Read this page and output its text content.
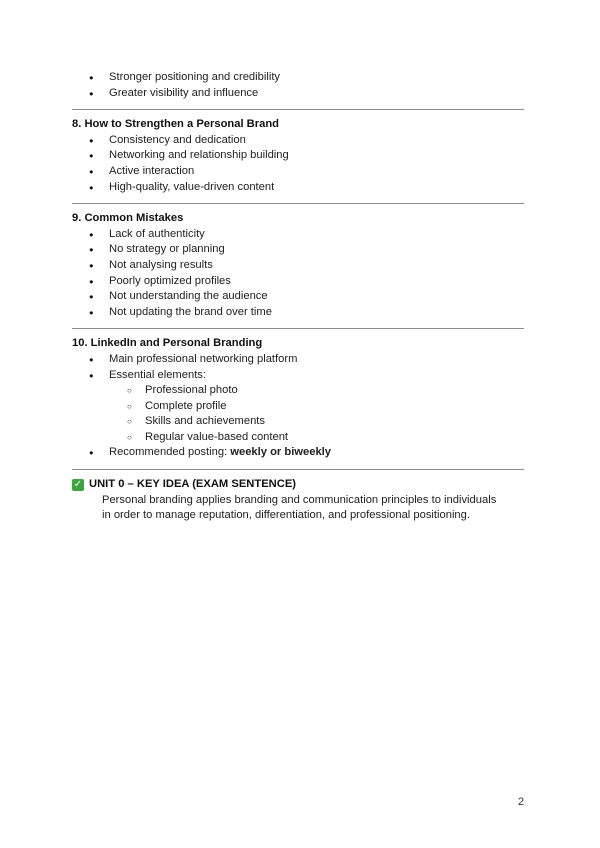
● Stronger positioning and credibility
● Greater visibility and influence
8. How to Strengthen a Personal Brand
● Consistency and dedication
● Networking and relationship building
● Active interaction
● High-quality, value-driven content
9. Common Mistakes
● Lack of authenticity
● No strategy or planning
● Not analysing results
● Poorly optimized profiles
● Not understanding the audience
● Not updating the brand over time
10. LinkedIn and Personal Branding
● Main professional networking platform
● Essential elements:
○ Professional photo
○ Complete profile
○ Skills and achievements
○ Regular value-based content
● Recommended posting: weekly or biweekly
✓ UNIT 0 – KEY IDEA (EXAM SENTENCE)
Personal branding applies branding and communication principles to individuals in order to manage reputation, differentiation, and professional positioning.
2
